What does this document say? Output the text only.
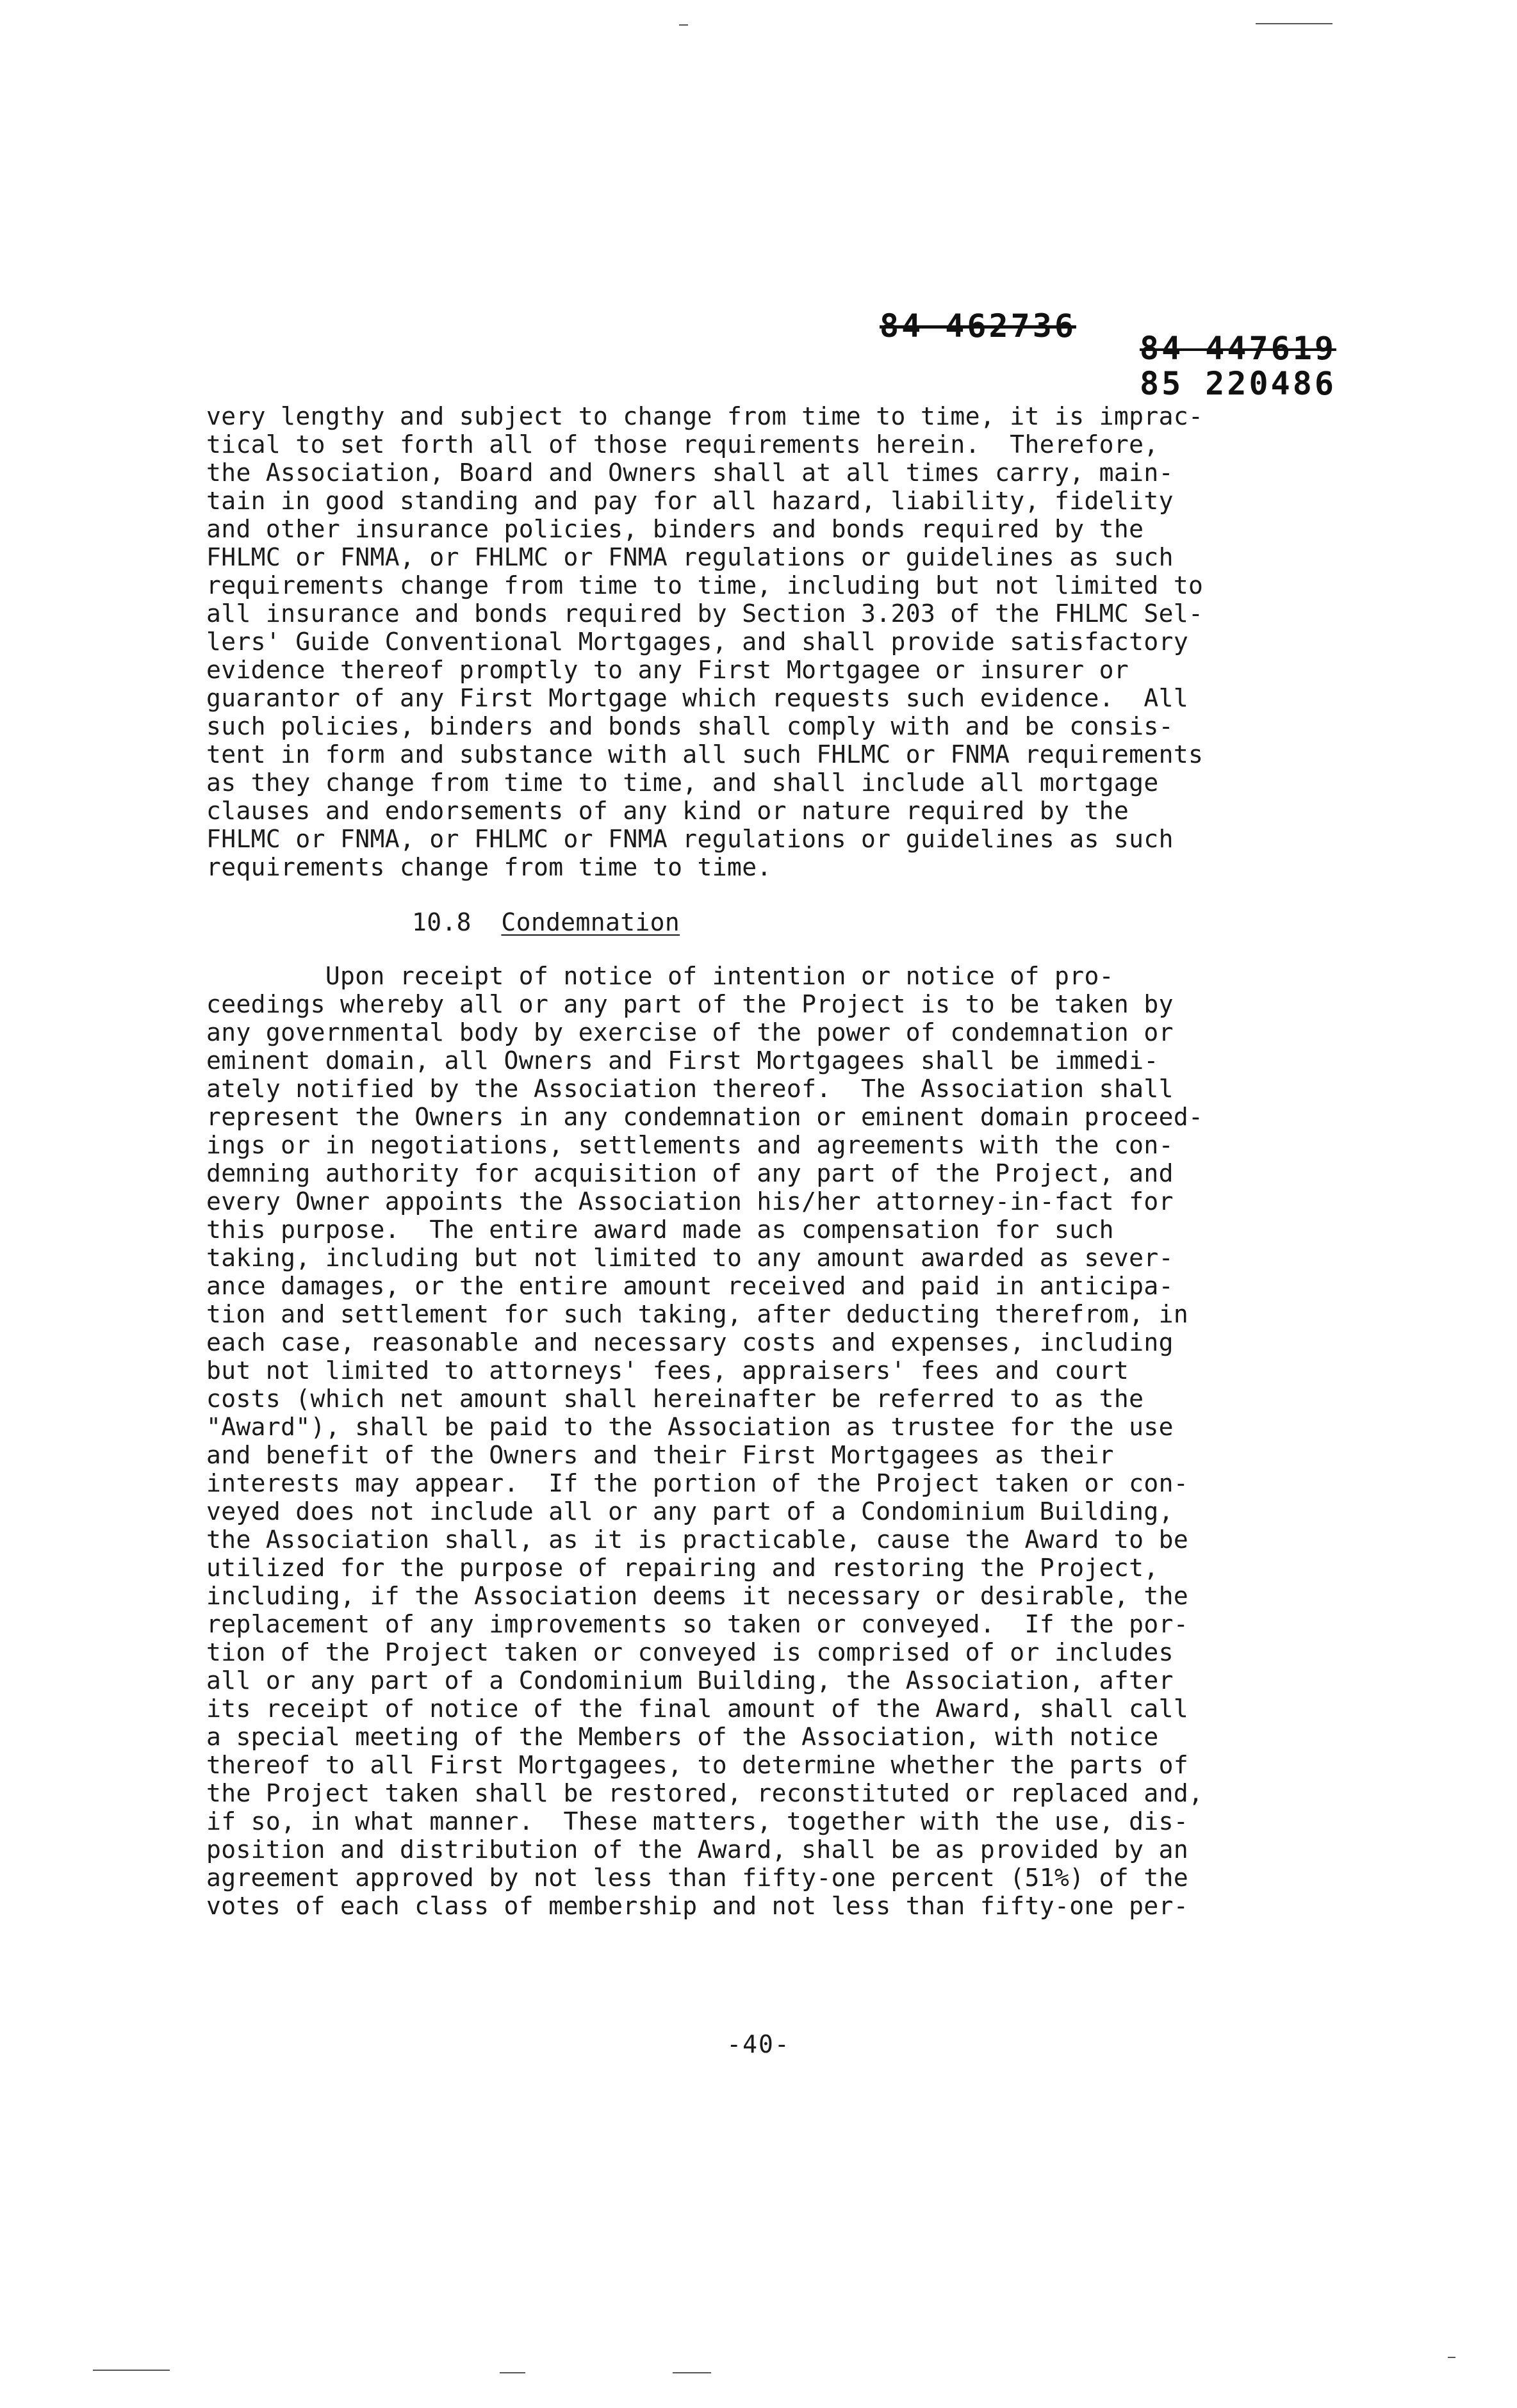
84 462736
84 447619
85 220486
very lengthy and subject to change from time to time, it is imprac-
tical to set forth all of those requirements herein.  Therefore,
the Association, Board and Owners shall at all times carry, main-
tain in good standing and pay for all hazard, liability, fidelity
and other insurance policies, binders and bonds required by the
FHLMC or FNMA, or FHLMC or FNMA regulations or guidelines as such
requirements change from time to time, including but not limited to
all insurance and bonds required by Section 3.203 of the FHLMC Sel-
lers' Guide Conventional Mortgages, and shall provide satisfactory
evidence thereof promptly to any First Mortgagee or insurer or
guarantor of any First Mortgage which requests such evidence.  All
such policies, binders and bonds shall comply with and be consis-
tent in form and substance with all such FHLMC or FNMA requirements
as they change from time to time, and shall include all mortgage
clauses and endorsements of any kind or nature required by the
FHLMC or FNMA, or FHLMC or FNMA regulations or guidelines as such
requirements change from time to time.
10.8 Condemnation
Upon receipt of notice of intention or notice of pro-
ceedings whereby all or any part of the Project is to be taken by
any governmental body by exercise of the power of condemnation or
eminent domain, all Owners and First Mortgagees shall be immedi-
ately notified by the Association thereof.  The Association shall
represent the Owners in any condemnation or eminent domain proceed-
ings or in negotiations, settlements and agreements with the con-
demning authority for acquisition of any part of the Project, and
every Owner appoints the Association his/her attorney-in-fact for
this purpose.  The entire award made as compensation for such
taking, including but not limited to any amount awarded as sever-
ance damages, or the entire amount received and paid in anticipa-
tion and settlement for such taking, after deducting therefrom, in
each case, reasonable and necessary costs and expenses, including
but not limited to attorneys' fees, appraisers' fees and court
costs (which net amount shall hereinafter be referred to as the
"Award"), shall be paid to the Association as trustee for the use
and benefit of the Owners and their First Mortgagees as their
interests may appear.  If the portion of the Project taken or con-
veyed does not include all or any part of a Condominium Building,
the Association shall, as it is practicable, cause the Award to be
utilized for the purpose of repairing and restoring the Project,
including, if the Association deems it necessary or desirable, the
replacement of any improvements so taken or conveyed.  If the por-
tion of the Project taken or conveyed is comprised of or includes
all or any part of a Condominium Building, the Association, after
its receipt of notice of the final amount of the Award, shall call
a special meeting of the Members of the Association, with notice
thereof to all First Mortgagees, to determine whether the parts of
the Project taken shall be restored, reconstituted or replaced and,
if so, in what manner.  These matters, together with the use, dis-
position and distribution of the Award, shall be as provided by an
agreement approved by not less than fifty-one percent (51%) of the
votes of each class of membership and not less than fifty-one per-
-40-
